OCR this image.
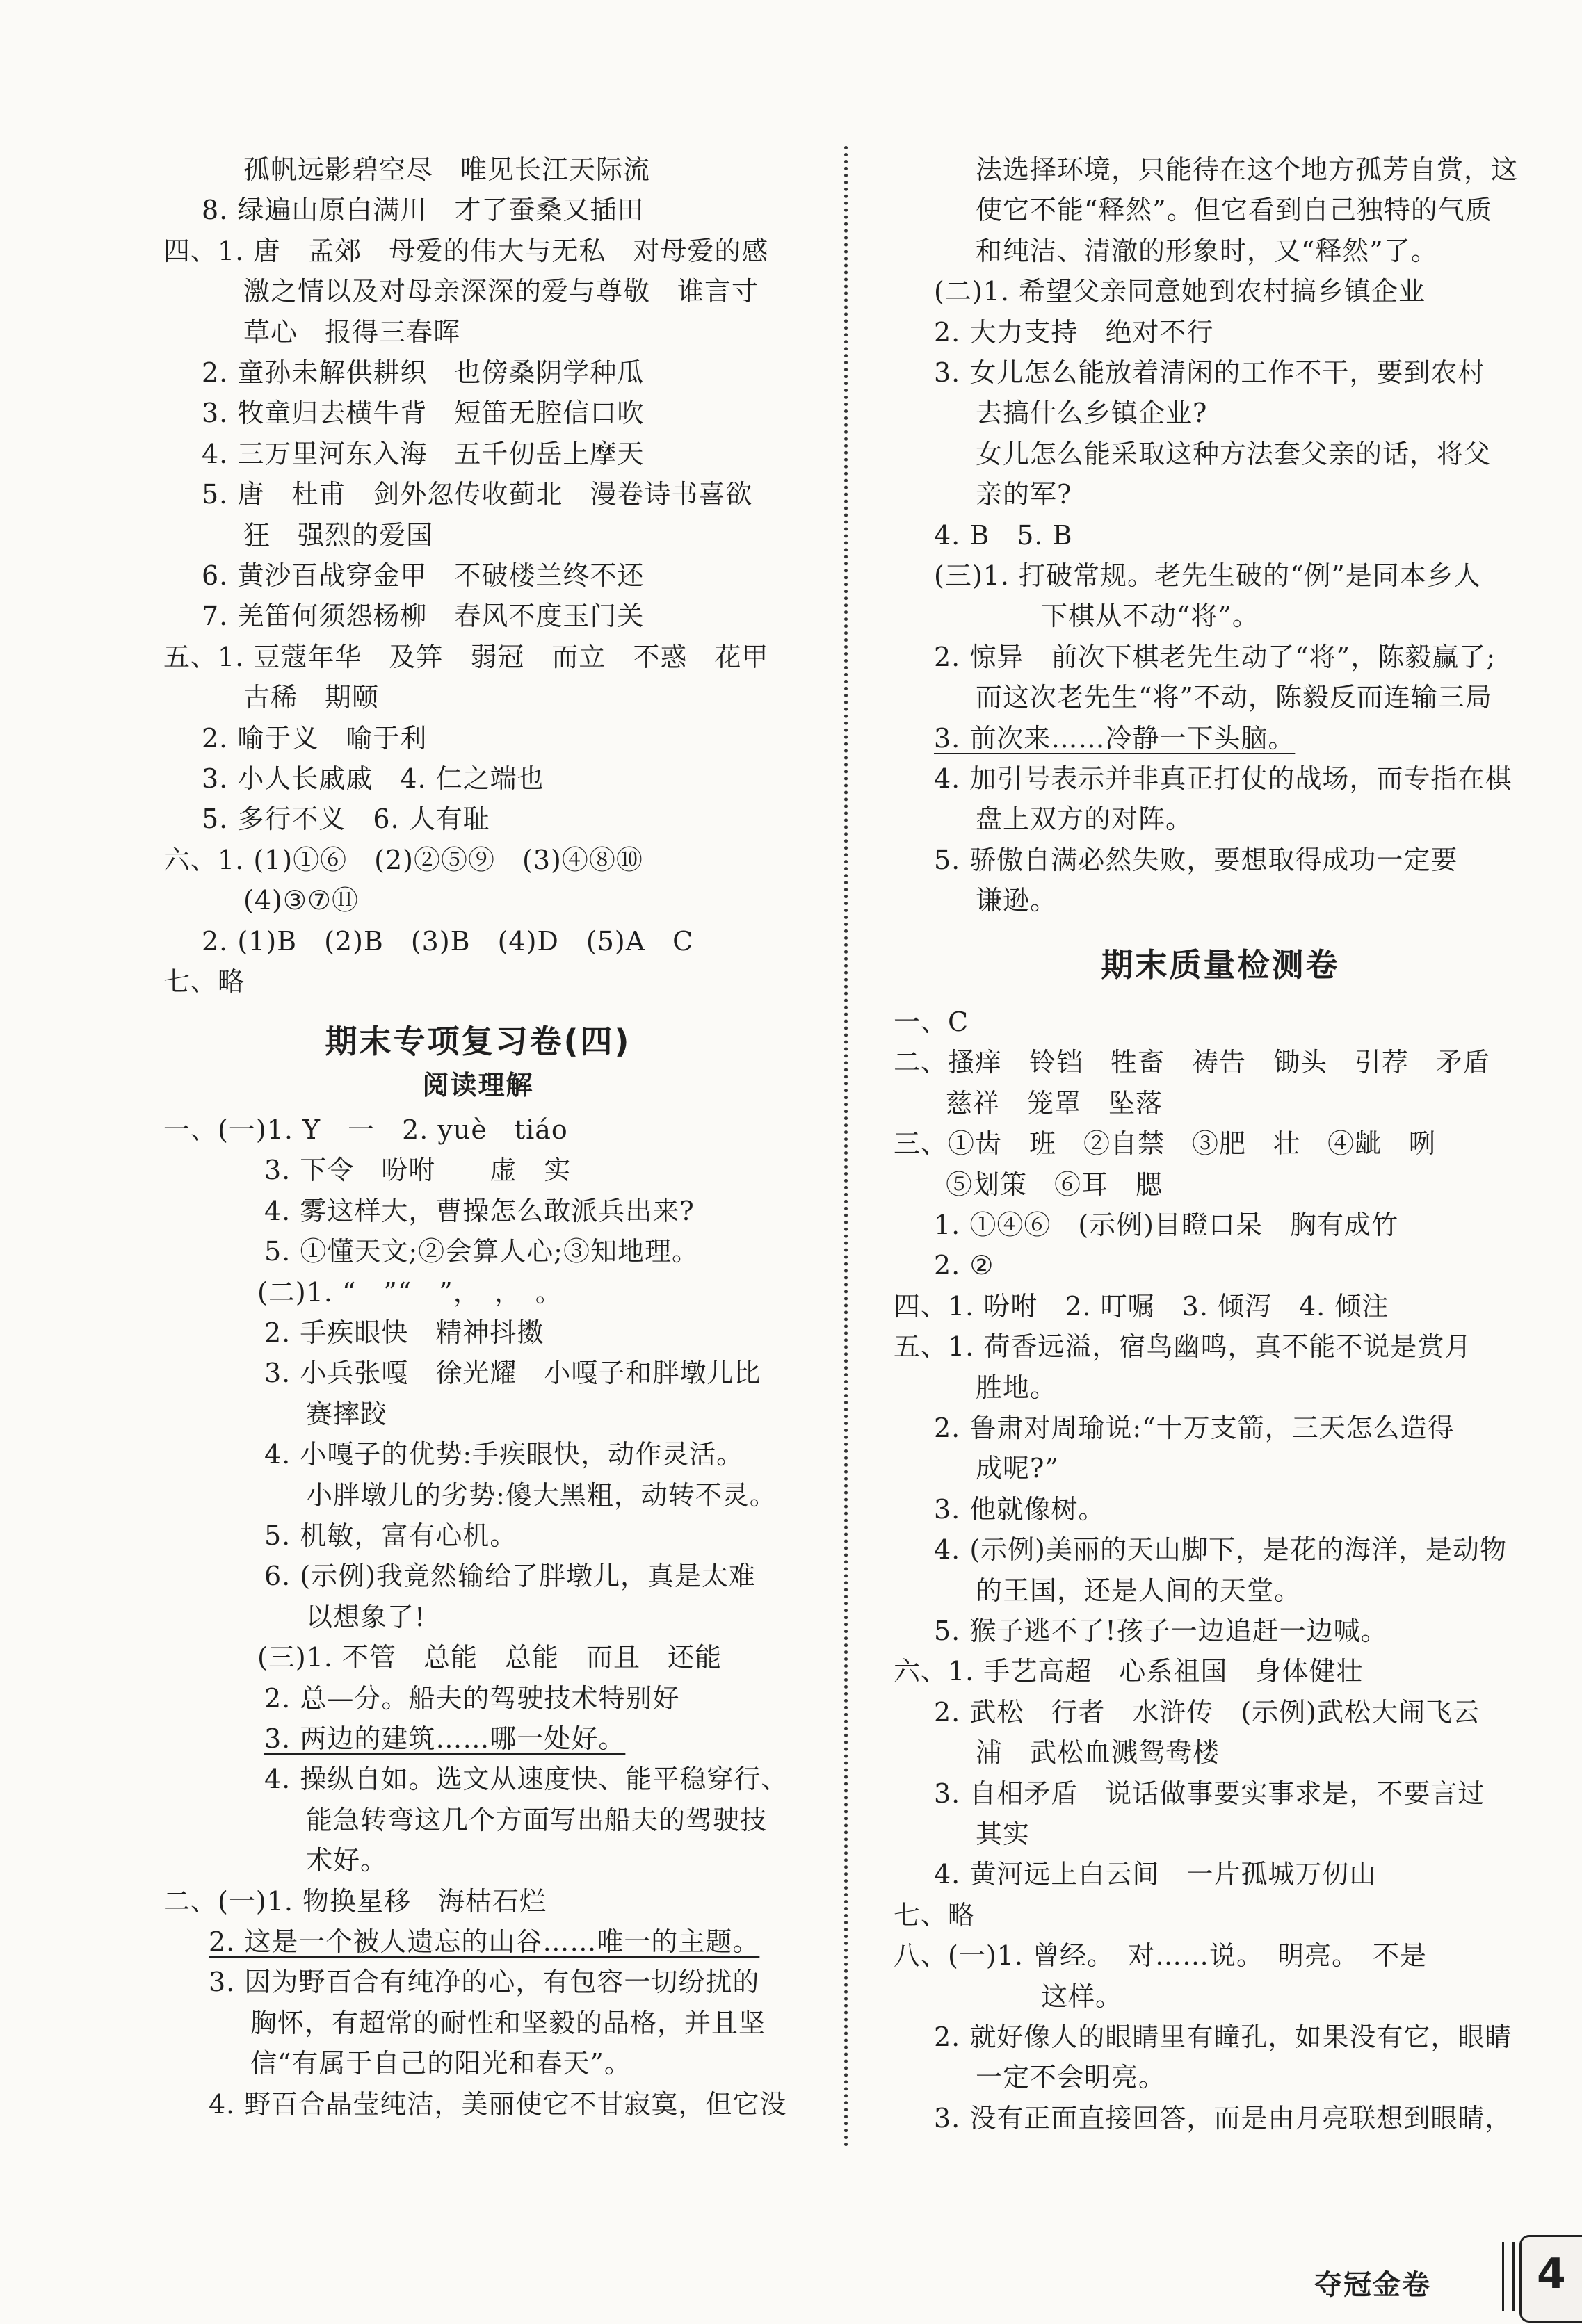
孤帆远影碧空尽　唯见长江天际流
8. 绿遍山原白满川　才了蚕桑又插田
四、1. 唐　孟郊　母爱的伟大与无私　对母爱的感
激之情以及对母亲深深的爱与尊敬　谁言寸
草心　报得三春晖
2. 童孙未解供耕织　也傍桑阴学种瓜
3. 牧童归去横牛背　短笛无腔信口吹
4. 三万里河东入海　五千仞岳上摩天
5. 唐　杜甫　剑外忽传收蓟北　漫卷诗书喜欲
狂　强烈的爱国
6. 黄沙百战穿金甲　不破楼兰终不还
7. 羌笛何须怨杨柳　春风不度玉门关
五、1. 豆蔻年华　及笄　弱冠　而立　不惑　花甲
古稀　期颐
2. 喻于义　喻于利
3. 小人长戚戚　4. 仁之端也
5. 多行不义　6. 人有耻
六、1. (1)①⑥　(2)②⑤⑨　(3)④⑧⑩
(4)③⑦⑪
2. (1)B　(2)B　(3)B　(4)D　(5)A　C
七、略
期末专项复习卷(四)
阅读理解
一、(一)1. Y　一　2. yuè　tiáo
3. 下令　吩咐　　虚　实
4. 雾这样大，曹操怎么敢派兵出来?
5. ①懂天文;②会算人心;③知地理。
(二)1. “　”“　”，　，　。
2. 手疾眼快　精神抖擞
3. 小兵张嘎　徐光耀　小嘎子和胖墩儿比
赛摔跤
4. 小嘎子的优势:手疾眼快，动作灵活。
小胖墩儿的劣势:傻大黑粗，动转不灵。
5. 机敏，富有心机。
6. (示例)我竟然输给了胖墩儿，真是太难
以想象了!
(三)1. 不管　总能　总能　而且　还能
2. 总—分。船夫的驾驶技术特别好
3. 两边的建筑……哪一处好。
4. 操纵自如。选文从速度快、能平稳穿行、
能急转弯这几个方面写出船夫的驾驶技
术好。
二、(一)1. 物换星移　海枯石烂
2. 这是一个被人遗忘的山谷……唯一的主题。
3. 因为野百合有纯净的心，有包容一切纷扰的
胸怀，有超常的耐性和坚毅的品格，并且坚
信“有属于自己的阳光和春天”。
4. 野百合晶莹纯洁，美丽使它不甘寂寞，但它没
法选择环境，只能待在这个地方孤芳自赏，这
使它不能“释然”。但它看到自己独特的气质
和纯洁、清澈的形象时，又“释然”了。
(二)1. 希望父亲同意她到农村搞乡镇企业
2. 大力支持　绝对不行
3. 女儿怎么能放着清闲的工作不干，要到农村
去搞什么乡镇企业?
女儿怎么能采取这种方法套父亲的话，将父
亲的军?
4. B　5. B
(三)1. 打破常规。老先生破的“例”是同本乡人
下棋从不动“将”。
2. 惊异　前次下棋老先生动了“将”，陈毅赢了;
而这次老先生“将”不动，陈毅反而连输三局
3. 前次来……冷静一下头脑。
4. 加引号表示并非真正打仗的战场，而专指在棋
盘上双方的对阵。
5. 骄傲自满必然失败，要想取得成功一定要
谦逊。
期末质量检测卷
一、C
二、搔痒　铃铛　牲畜　祷告　锄头　引荐　矛盾
慈祥　笼罩　坠落
三、①齿　班　②自禁　③肥　壮　④龇　咧
⑤划策　⑥耳　腮
1. ①④⑥　(示例)目瞪口呆　胸有成竹
2. ②
四、1. 吩咐　2. 叮嘱　3. 倾泻　4. 倾注
五、1. 荷香远溢，宿鸟幽鸣，真不能不说是赏月
胜地。
2. 鲁肃对周瑜说:“十万支箭，三天怎么造得
成呢?”
3. 他就像树。
4. (示例)美丽的天山脚下，是花的海洋，是动物
的王国，还是人间的天堂。
5. 猴子逃不了!孩子一边追赶一边喊。
六、1. 手艺高超　心系祖国　身体健壮
2. 武松　行者　水浒传　(示例)武松大闹飞云
浦　武松血溅鸳鸯楼
3. 自相矛盾　说话做事要实事求是，不要言过
其实
4. 黄河远上白云间　一片孤城万仞山
七、略
八、(一)1. 曾经。　对……说。　明亮。　不是
这样。
2. 就好像人的眼睛里有瞳孔，如果没有它，眼睛
一定不会明亮。
3. 没有正面直接回答，而是由月亮联想到眼睛，
夺冠金卷	4
